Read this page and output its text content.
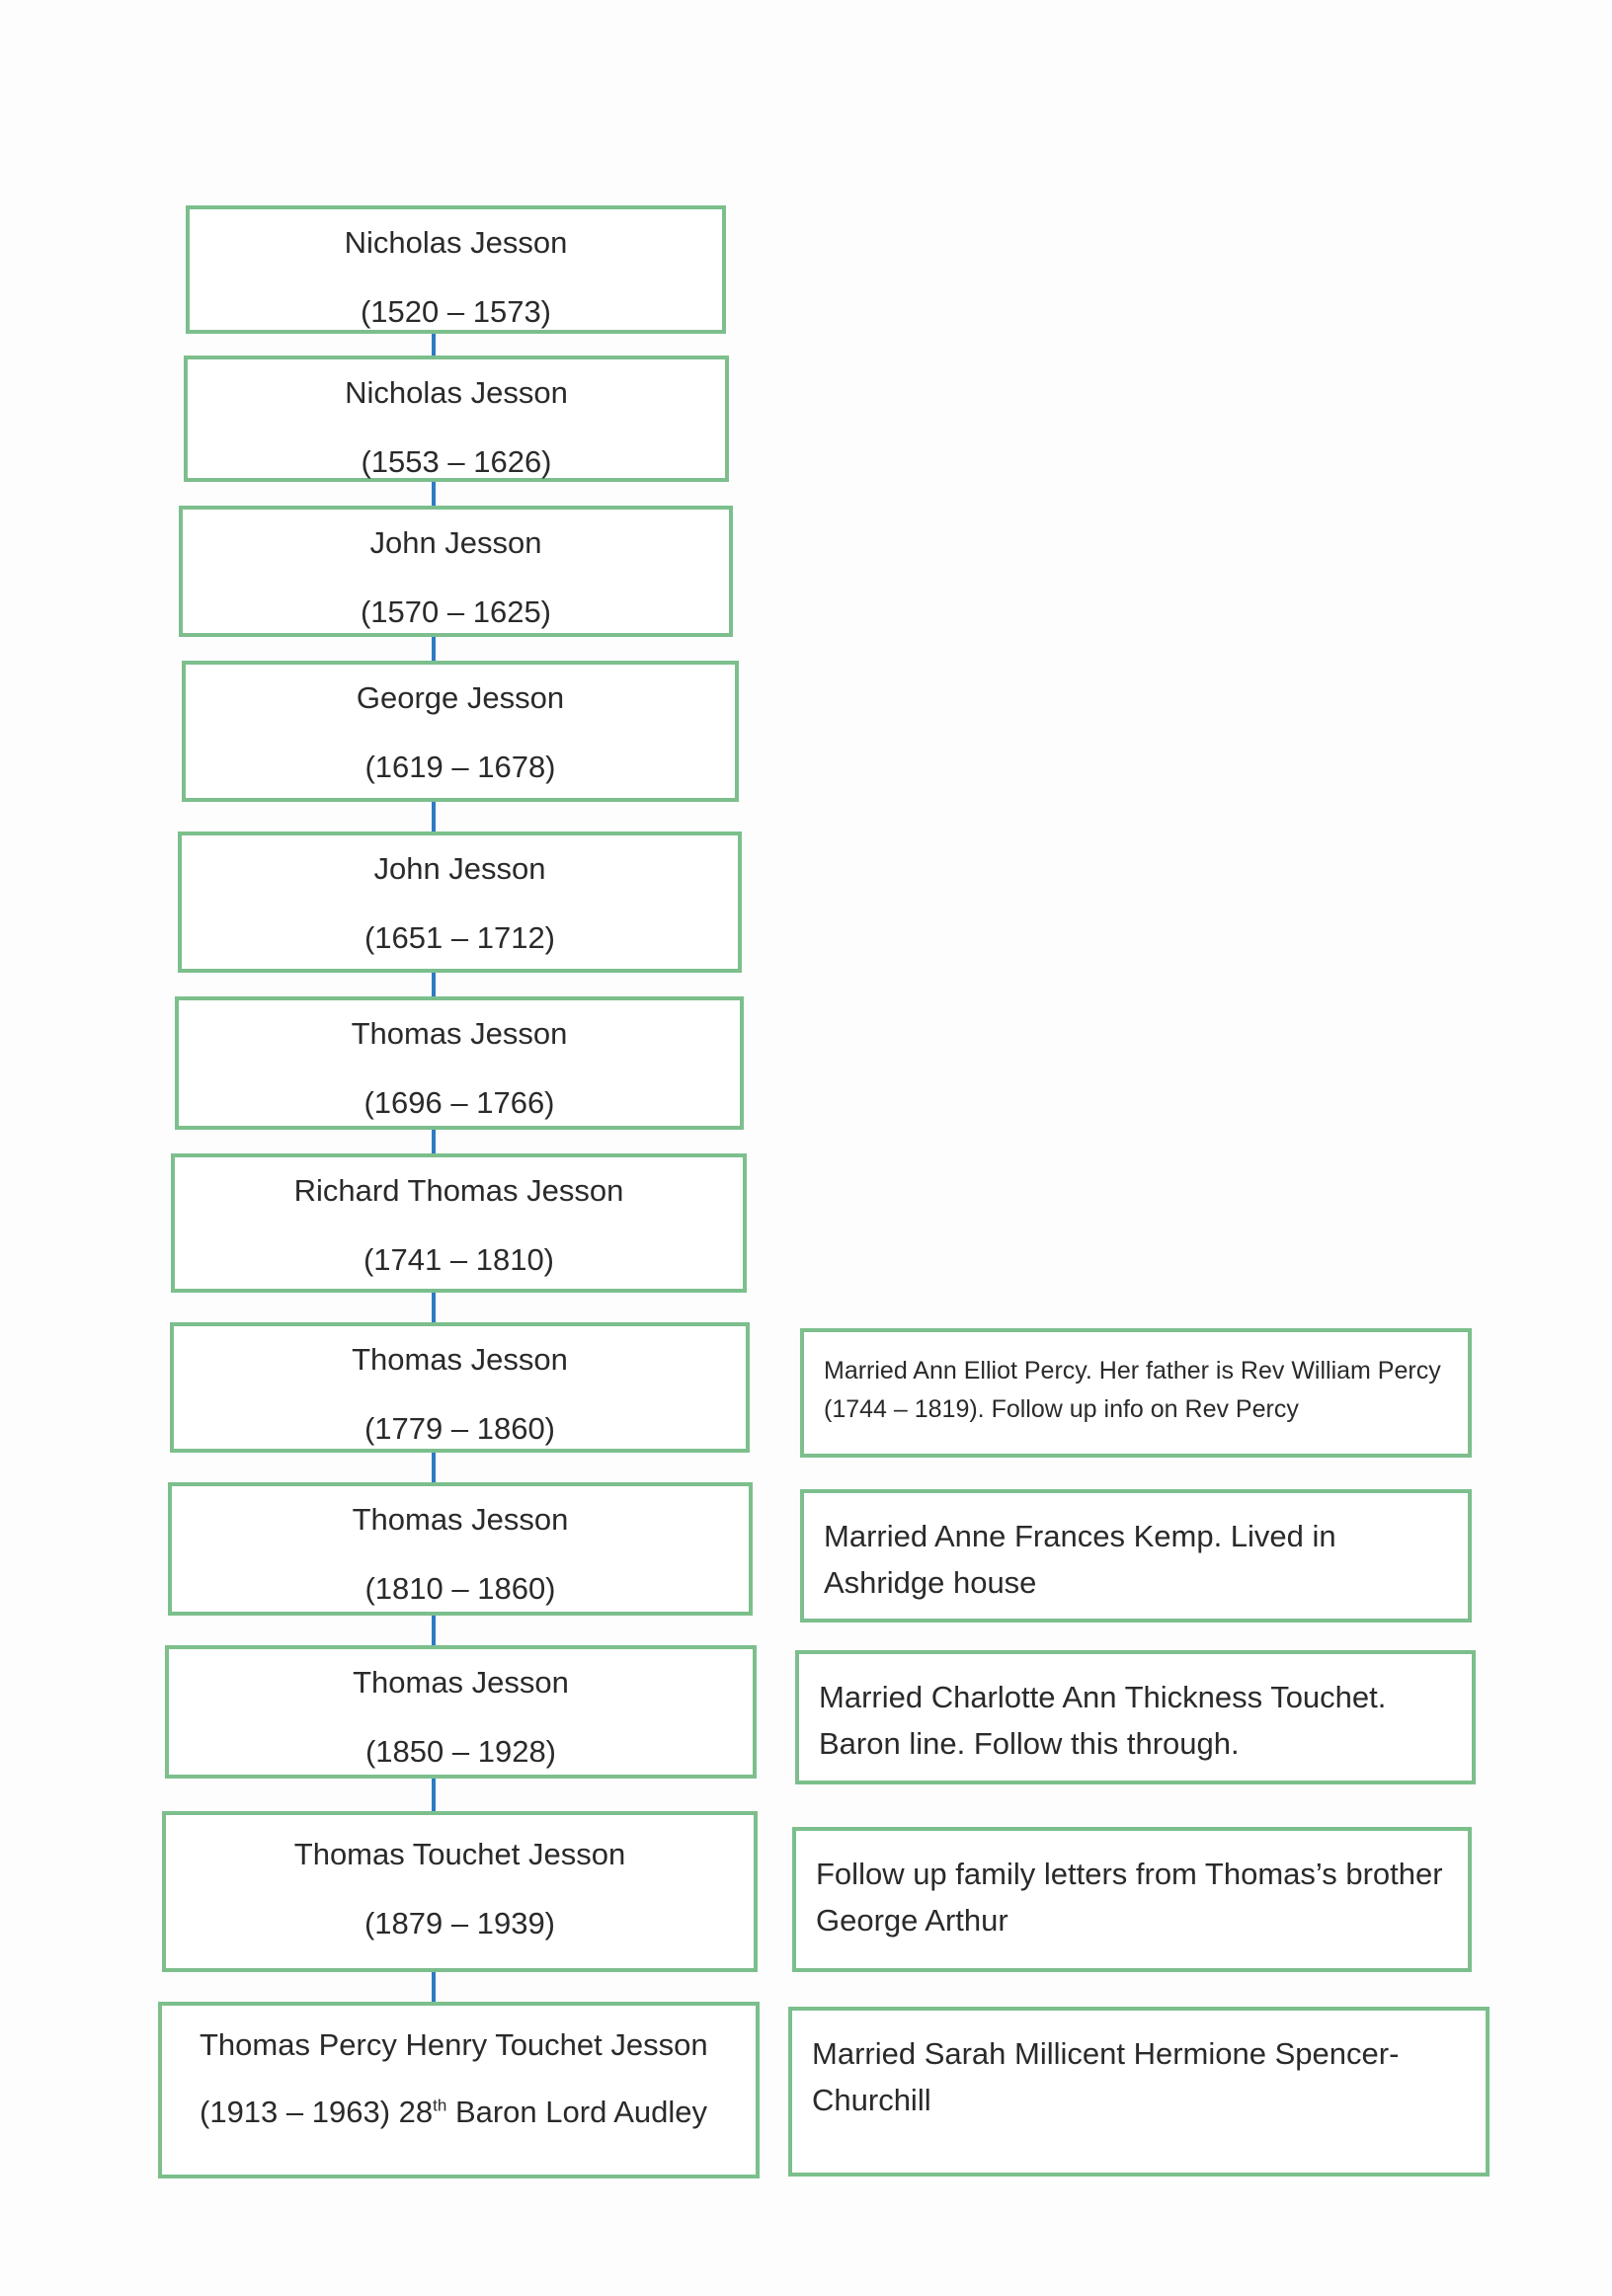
Nicholas Jesson
(1520 – 1573)
Nicholas Jesson
(1553 – 1626)
John Jesson
(1570 – 1625)
George Jesson
(1619 – 1678)
John Jesson
(1651 – 1712)
Thomas Jesson
(1696 – 1766)
Richard Thomas Jesson
(1741 – 1810)
Thomas Jesson
(1779 – 1860)
Thomas Jesson
(1810 – 1860)
Thomas Jesson
(1850 – 1928)
Thomas Touchet Jesson
(1879 – 1939)
Thomas Percy Henry Touchet Jesson
(1913 – 1963) 28th Baron Lord Audley
Married Ann Elliot Percy. Her father is Rev William Percy (1744 – 1819). Follow up info on Rev Percy
Married Anne Frances Kemp. Lived in Ashridge house
Married Charlotte Ann Thickness Touchet. Baron line. Follow this through.
Follow up family letters from Thomas’s brother George Arthur
Married Sarah Millicent Hermione Spencer-Churchill
